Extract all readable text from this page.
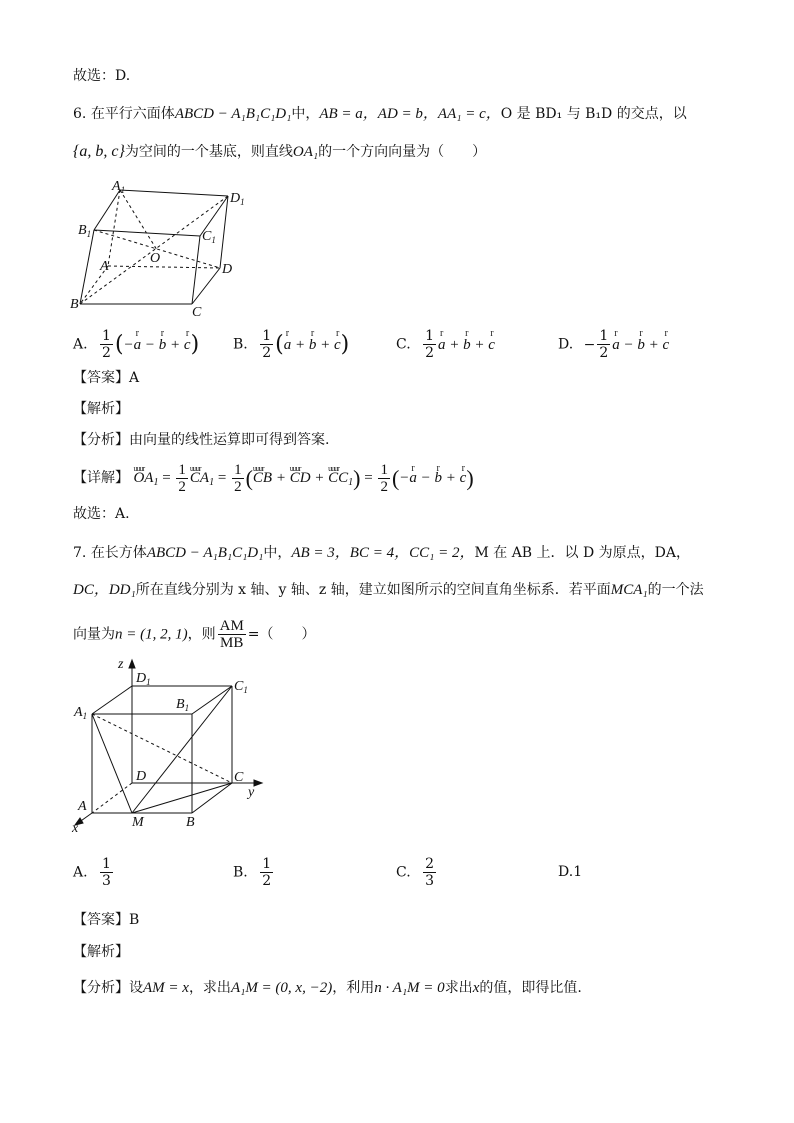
故选：D.
6. 在平行六面体ABCD − A₁B₁C₁D₁中，AB = a，AD = b，AA₁ = c，O 是 BD₁ 与 B₁D 的交点，以
{a, b, c}为空间的一个基底，则直线OA₁的一个方向向量为（　　）
$A_1$
$D_1$
$B_1$	$C_1$
A
O
D
B
C
A. $\frac{1}{2} (-r$ a − r b + r c) B. $\frac{1}{2} (r$ a + r b + r c)	C. $\frac{1}{2}$ r a + r b + r c	D. − $\frac{1}{2}$ r a − r b + r c
【答案】A
【解析】
【分析】由向量的线性运算即可得到答案.
【详解】 uuur $OA_1 = \frac{1}{2}$ uuur $CA_1 = \frac{1}{2}$ (uuur CB + uuur CD + uuur $CC_1) = \frac{1}{2} (-r$ a − r b + r c)
故选：A.
7. 在长方体ABCD − A₁B₁C₁D₁中，AB = 3，BC = 4，CC₁ = 2，M 在 AB 上．以 D 为原点，DA，
DC，DD₁所在直线分别为 x 轴、y 轴、z 轴，建立如图所示的空间直角坐标系．若平面MCA₁的一个法
向量为n = (1, 2, 1)，则 $\frac{AM}{MB}$ =（　　）
z
$D_1$	$C_1$
$B_1$
$A_1$
D	C
y
A
M	B
x
A. $\frac{1}{3}$	B. $\frac{1}{2}$	C. $\frac{2}{3}$	D.1
【答案】B
【解析】
【分析】设AM = x，求出A₁M = (0, x, −2)，利用n · A₁M = 0求出x的值，即得比值.
